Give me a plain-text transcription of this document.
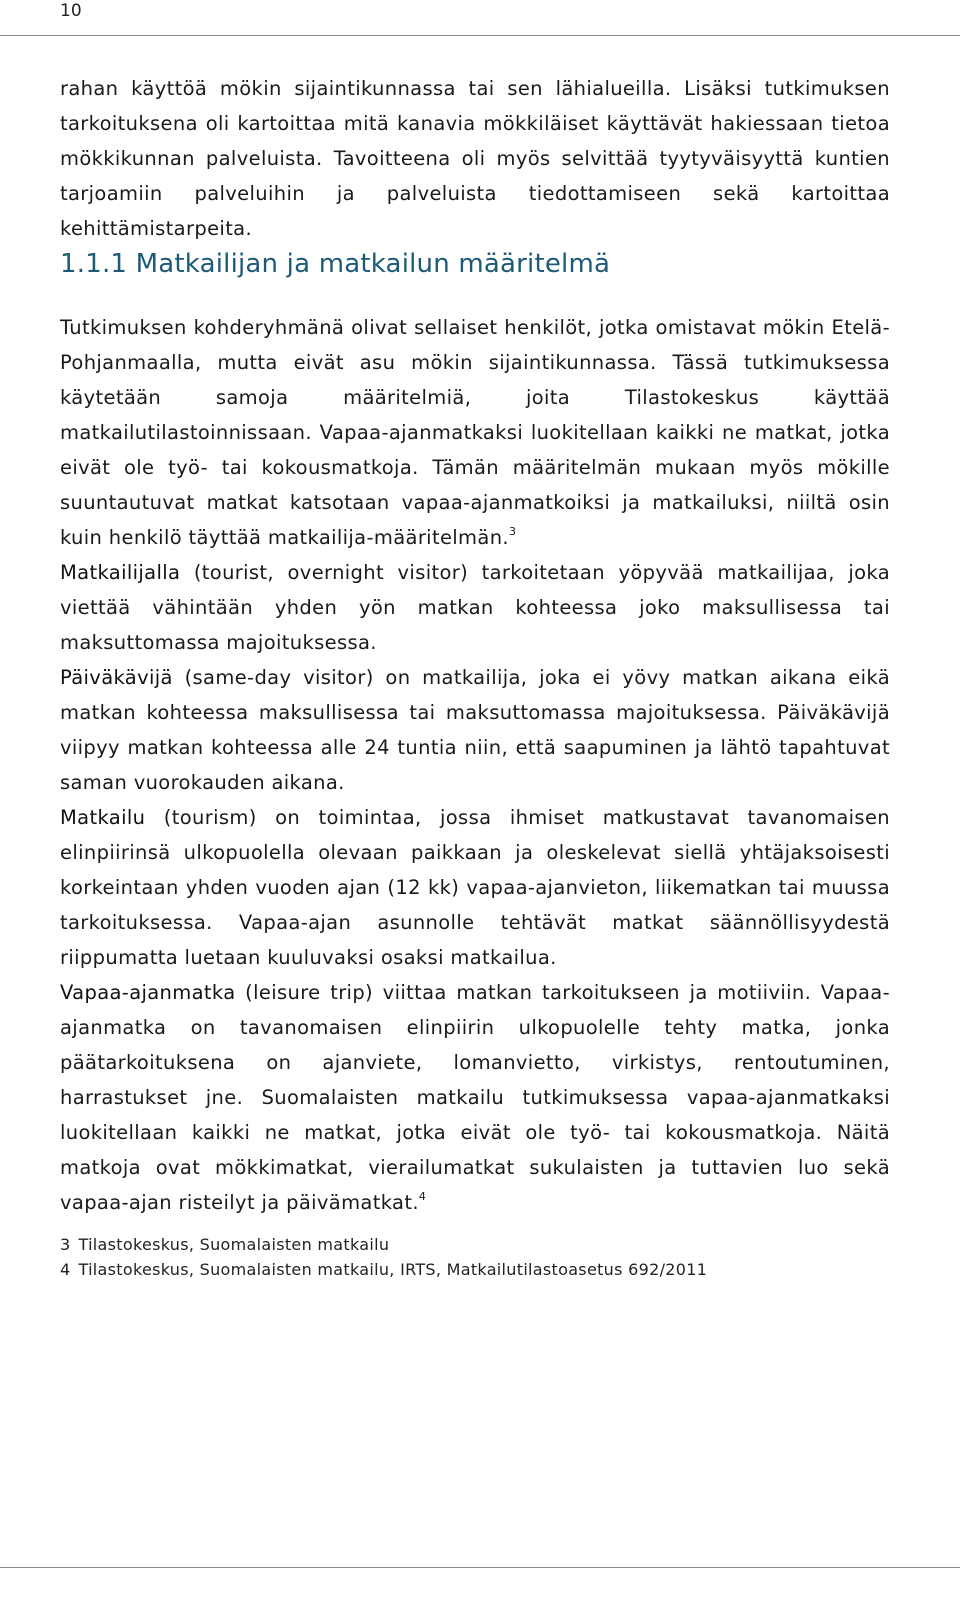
10

rahan käyttöä mökin sijaintikunnassa tai sen lähialueilla. Lisäksi tutkimuksen tarkoituksena oli kartoittaa mitä kanavia mökkiläiset käyttävät hakiessaan tietoa mökkikunnan palveluista. Tavoitteena oli myös selvittää tyytyväisyyttä kuntien tarjoamiin palveluihin ja palveluista tiedottamiseen sekä kartoittaa kehittämistarpeita.

1.1.1 Matkailijan ja matkailun määritelmä

Tutkimuksen kohderyhmänä olivat sellaiset henkilöt, jotka omistavat mökin Etelä-Pohjanmaalla, mutta eivät asu mökin sijaintikunnassa. Tässä tutkimuksessa käytetään samoja määritelmiä, joita Tilastokeskus käyttää matkailutilastoinnissaan. Vapaa-ajanmatkaksi luokitellaan kaikki ne matkat, jotka eivät ole työ- tai kokousmatkoja. Tämän määritelmän mukaan myös mökille suuntautuvat matkat katsotaan vapaa-ajanmatkoiksi ja matkailuksi, niiltä osin kuin henkilö täyttää matkailija-määritelmän.$^3$

Matkailijalla (tourist, overnight visitor) tarkoitetaan yöpyvää matkailijaa, joka viettää vähintään yhden yön matkan kohteessa joko maksullisessa tai maksuttomassa majoituksessa.

Päiväkävijä (same-day visitor) on matkailija, joka ei yövy matkan aikana eikä matkan kohteessa maksullisessa tai maksuttomassa majoituksessa. Päiväkävijä viipyy matkan kohteessa alle 24 tuntia niin, että saapuminen ja lähtö tapahtuvat saman vuorokauden aikana.

Matkailu (tourism) on toimintaa, jossa ihmiset matkustavat tavanomaisen elinpiirinsä ulkopuolella olevaan paikkaan ja oleskelevat siellä yhtäjaksoisesti korkeintaan yhden vuoden ajan (12 kk) vapaa-ajanvieton, liikematkan tai muussa tarkoituksessa. Vapaa-ajan asunnolle tehtävät matkat säännöllisyydestä riippumatta luetaan kuuluvaksi osaksi matkailua.

Vapaa-ajanmatka (leisure trip) viittaa matkan tarkoitukseen ja motiiviin. Vapaa-ajanmatka on tavanomaisen elinpiirin ulkopuolelle tehty matka, jonka päätarkoituksena on ajanviete, lomanvietto, virkistys, rentoutuminen, harrastukset jne. Suomalaisten matkailu tutkimuksessa vapaa-ajanmatkaksi luokitellaan kaikki ne matkat, jotka eivät ole työ- tai kokousmatkoja. Näitä matkoja ovat mökkimatkat, vierailumatkat sukulaisten ja tuttavien luo sekä vapaa-ajan risteilyt ja päivämatkat.$^4$

3 Tilastokeskus, Suomalaisten matkailu
4 Tilastokeskus, Suomalaisten matkailu, IRTS, Matkailutilastoasetus 692/2011
